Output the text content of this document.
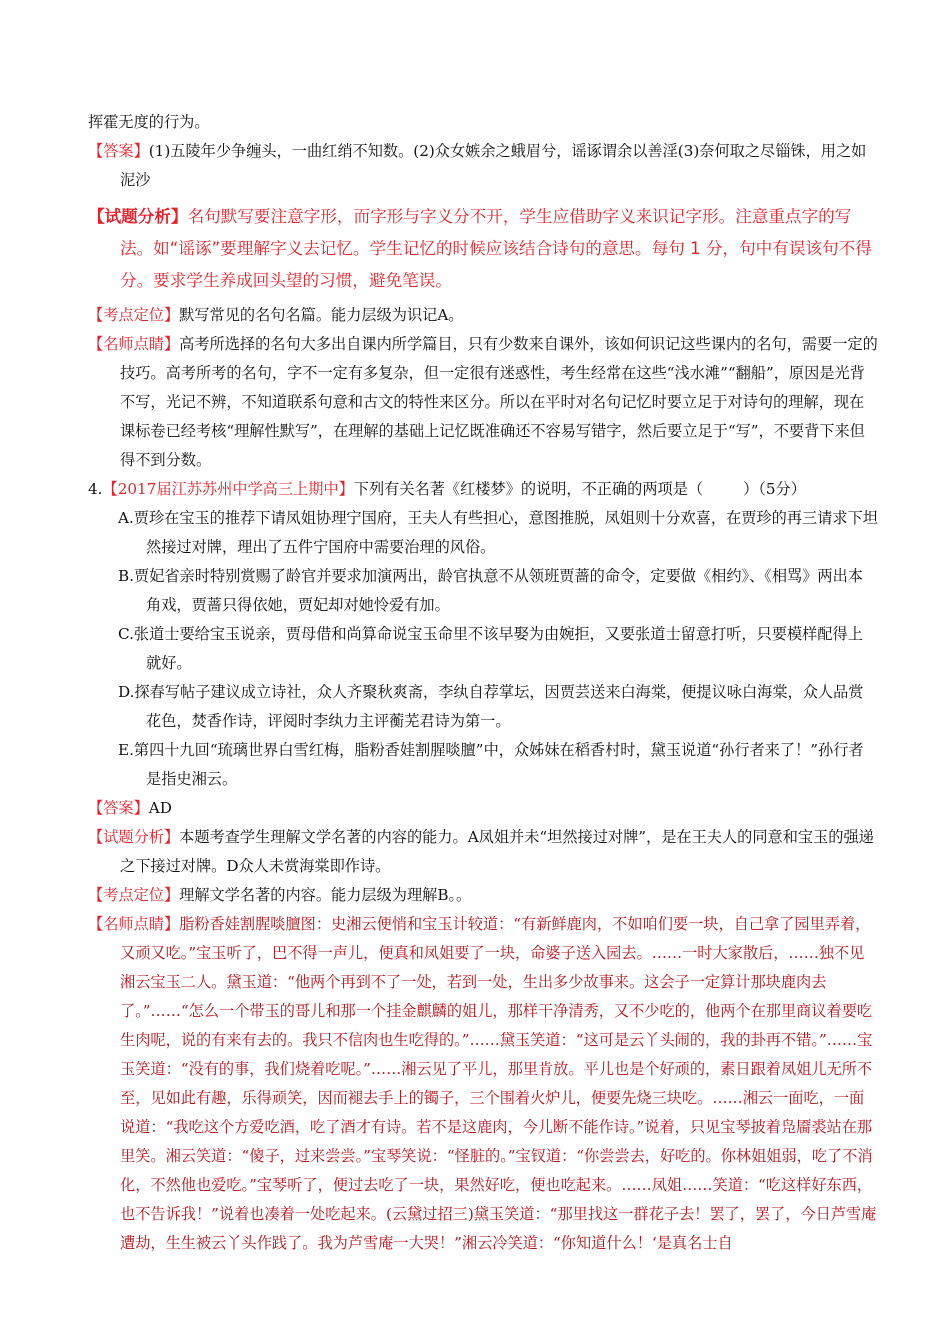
挥霍无度的行为。

【答案】(1)五陵年少争缠头，一曲红绡不知数。(2)众女嫉余之蛾眉兮，谣诼谓余以善淫(3)奈何取之尽锱铢，用之如泥沙

【试题分析】名句默写要注意字形，而字形与字义分不开，学生应借助字义来识记字形。注意重点字的写法。如“谣诼”要理解字义去记忆。学生记忆的时候应该结合诗句的意思。每句 1 分，句中有误该句不得分。要求学生养成回头望的习惯，避免笔误。

【考点定位】默写常见的名句名篇。能力层级为识记A。

【名师点睛】高考所选择的名句大多出自课内所学篇目，只有少数来自课外，该如何识记这些课内的名句，需要一定的技巧。高考所考的名句，字不一定有多复杂，但一定很有迷惑性，考生经常在这些“浅水滩”“翻船”，原因是光背不写，光记不辨，不知道联系句意和古文的特性来区分。所以在平时对名句记忆时要立足于对诗句的理解，现在课标卷已经考核“理解性默写”，在理解的基础上记忆既准确还不容易写错字，然后要立足于“写”，不要背下来但得不到分数。

4.【2017届江苏苏州中学高三上期中】下列有关名著《红楼梦》的说明，不正确的两项是（	）（5分）

A.贾珍在宝玉的推荐下请凤姐协理宁国府，王夫人有些担心，意图推脱，凤姐则十分欢喜，在贾珍的再三请求下坦然接过对牌，理出了五件宁国府中需要治理的风俗。

B.贾妃省亲时特别赏赐了龄官并要求加演两出，龄官执意不从领班贾蔷的命令，定要做《相约》、《相骂》两出本角戏，贾蔷只得依她，贾妃却对她怜爱有加。

C.张道士要给宝玉说亲，贾母借和尚算命说宝玉命里不该早娶为由婉拒，又要张道士留意打听，只要模样配得上就好。

D.探春写帖子建议成立诗社，众人齐聚秋爽斋，李纨自荐掌坛，因贾芸送来白海棠，便提议咏白海棠，众人品赏花色，焚香作诗，评阅时李纨力主评蘅芜君诗为第一。

E.第四十九回“琉璃世界白雪红梅，脂粉香娃割腥啖膻”中，众姊妹在稻香村时，黛玉说道“孙行者来了！”孙行者是指史湘云。

【答案】AD

【试题分析】本题考查学生理解文学名著的内容的能力。A凤姐并未“坦然接过对牌”，是在王夫人的同意和宝玉的强递之下接过对牌。D众人未赏海棠即作诗。

【考点定位】理解文学名著的内容。能力层级为理解B。。

【名师点睛】脂粉香娃割腥啖膻图：史湘云便悄和宝玉计较道：“有新鲜鹿肉，不如咱们要一块，自己拿了园里弄着，又顽又吃。”宝玉听了，巴不得一声儿，便真和凤姐要了一块，命婆子送入园去。……一时大家散后，……独不见湘云宝玉二人。黛玉道：“他两个再到不了一处，若到一处，生出多少故事来。这会子一定算计那块鹿肉去了。”……“怎么一个带玉的哥儿和那一个挂金麒麟的姐儿，那样干净清秀，又不少吃的，他两个在那里商议着要吃生肉呢，说的有来有去的。我只不信肉也生吃得的。”……黛玉笑道：“这可是云丫头闹的，我的卦再不错。”……宝玉笑道：“没有的事，我们烧着吃呢。”……湘云见了平儿，那里肯放。平儿也是个好顽的，素日跟着凤姐儿无所不至，见如此有趣，乐得顽笑，因而褪去手上的镯子，三个围着火炉儿，便要先烧三块吃。……湘云一面吃，一面说道：“我吃这个方爱吃酒，吃了酒才有诗。若不是这鹿肉，今儿断不能作诗。”说着，只见宝琴披着凫靥裘站在那里笑。湘云笑道：“傻子，过来尝尝。”宝琴笑说：“怪脏的。”宝钗道：“你尝尝去，好吃的。你林姐姐弱，吃了不消化，不然他也爱吃。”宝琴听了，便过去吃了一块，果然好吃，便也吃起来。……凤姐……笑道：“吃这样好东西，也不告诉我！”说着也凑着一处吃起来。(云黛过招三)黛玉笑道：“那里找这一群花子去！罢了，罢了，今日芦雪庵遭劫，生生被云丫头作践了。我为芦雪庵一大哭！”湘云冷笑道：“你知道什么！‘是真名士自
